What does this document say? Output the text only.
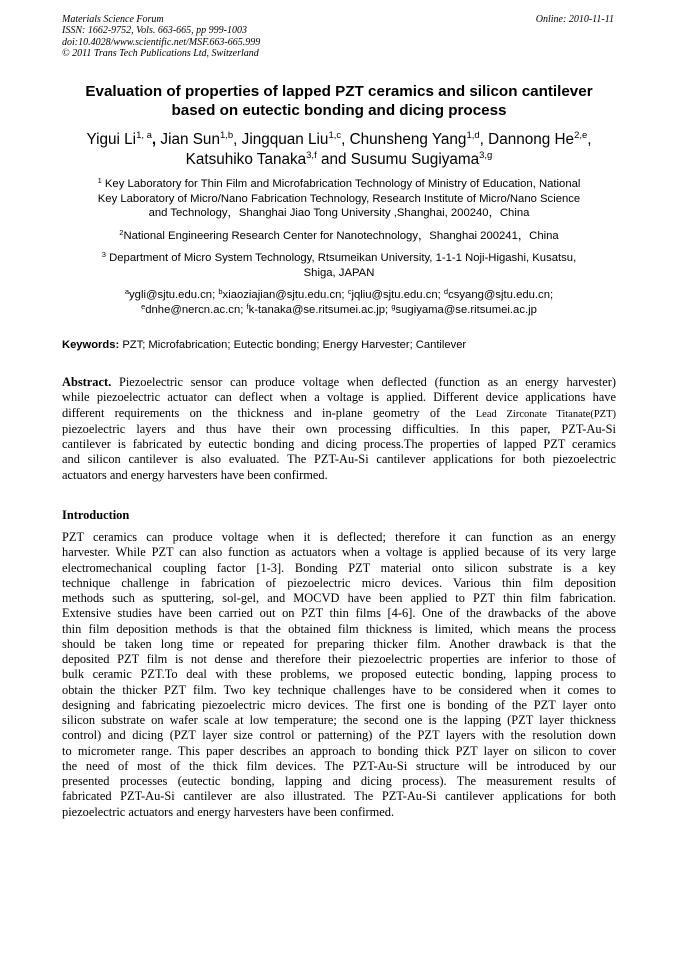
Materials Science Forum
ISSN: 1662-9752, Vols. 663-665, pp 999-1003
doi:10.4028/www.scientific.net/MSF.663-665.999
© 2011 Trans Tech Publications Ltd, Switzerland
Online: 2010-11-11
Evaluation of properties of lapped PZT ceramics and silicon cantilever
based on eutectic bonding and dicing process
Yigui Li$^{1, a}$, Jian Sun$^{1,b}$, Jingquan Liu$^{1,c}$, Chunsheng Yang$^{1,d}$, Dannong He$^{2,e}$,
Katsuhiko Tanaka$^{3,f}$ and Susumu Sugiyama$^{3,g}$
$^1$ Key Laboratory for Thin Film and Microfabrication Technology of Ministry of Education, National
Key Laboratory of Micro/Nano Fabrication Technology, Research Institute of Micro/Nano Science
and Technology，Shanghai Jiao Tong University ,Shanghai, 200240，China
$^2$National Engineering Research Center for Nanotechnology，Shanghai 200241，China
$^3$ Department of Micro System Technology, Rtsumeikan University, 1-1-1 Noji-Higashi, Kusatsu,
Shiga, JAPAN
$^a$ygli@sjtu.edu.cn; $^b$xiaoziajian@sjtu.edu.cn; $^c$jqliu@sjtu.edu.cn; $^d$csyang@sjtu.edu.cn;
$^e$dnhe@nercn.ac.cn; $^f$k-tanaka@se.ritsumei.ac.jp; $^g$sugiyama@se.ritsumei.ac.jp
Keywords: PZT; Microfabrication; Eutectic bonding; Energy Harvester; Cantilever
Abstract. Piezoelectric sensor can produce voltage when deflected (function as an energy harvester)
while piezoelectric actuator can deflect when a voltage is applied. Different device applications have
different requirements on the thickness and in-plane geometry of the Lead Zirconate Titanate(PZT)
piezoelectric layers and thus have their own processing difficulties. In this paper, PZT-Au-Si
cantilever is fabricated by eutectic bonding and dicing process.The properties of lapped PZT ceramics
and silicon cantilever is also evaluated. The PZT-Au-Si cantilever applications for both piezoelectric
actuators and energy harvesters have been confirmed.
Introduction
PZT ceramics can produce voltage when it is deflected; therefore it can function as an energy
harvester. While PZT can also function as actuators when a voltage is applied because of its very large
electromechanical coupling factor [1-3]. Bonding PZT material onto silicon substrate is a key
technique challenge in fabrication of piezoelectric micro devices. Various thin film deposition
methods such as sputtering, sol-gel, and MOCVD have been applied to PZT thin film fabrication.
Extensive studies have been carried out on PZT thin films [4-6]. One of the drawbacks of the above
thin film deposition methods is that the obtained film thickness is limited, which means the process
should be taken long time or repeated for preparing thicker film. Another drawback is that the
deposited PZT film is not dense and therefore their piezoelectric properties are inferior to those of
bulk ceramic PZT.To deal with these problems, we proposed eutectic bonding, lapping process to
obtain the thicker PZT film. Two key technique challenges have to be considered when it comes to
designing and fabricating piezoelectric micro devices. The first one is bonding of the PZT layer onto
silicon substrate on wafer scale at low temperature; the second one is the lapping (PZT layer thickness
control) and dicing (PZT layer size control or patterning) of the PZT layers with the resolution down
to micrometer range. This paper describes an approach to bonding thick PZT layer on silicon to cover
the need of most of the thick film devices. The PZT-Au-Si structure will be introduced by our
presented processes (eutectic bonding, lapping and dicing process). The measurement results of
fabricated PZT-Au-Si cantilever are also illustrated. The PZT-Au-Si cantilever applications for both
piezoelectric actuators and energy harvesters have been confirmed.
